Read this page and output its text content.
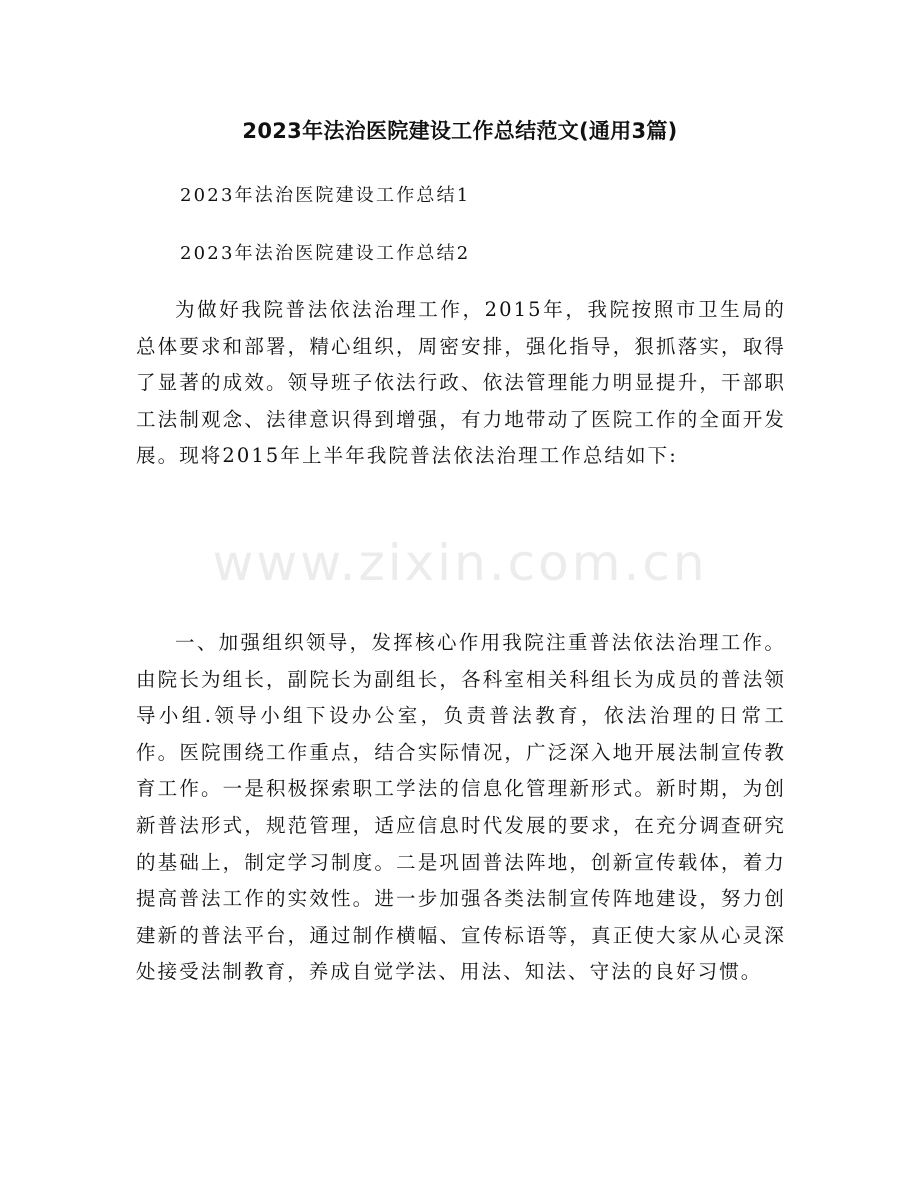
2023年法治医院建设工作总结范文(通用3篇)

2023年法治医院建设工作总结1

2023年法治医院建设工作总结2

为做好我院普法依法治理工作，2015年，我院按照市卫生局的总体要求和部署，精心组织，周密安排，强化指导，狠抓落实，取得了显著的成效。领导班子依法行政、依法管理能力明显提升，干部职工法制观念、法律意识得到增强，有力地带动了医院工作的全面开发展。现将2015年上半年我院普法依法治理工作总结如下:

一、加强组织领导，发挥核心作用我院注重普法依法治理工作。由院长为组长，副院长为副组长，各科室相关科组长为成员的普法领导小组.领导小组下设办公室，负责普法教育，依法治理的日常工作。医院围绕工作重点，结合实际情况，广泛深入地开展法制宣传教育工作。一是积极探索职工学法的信息化管理新形式。新时期，为创新普法形式，规范管理，适应信息时代发展的要求，在充分调查研究的基础上，制定学习制度。二是巩固普法阵地，创新宣传载体，着力提高普法工作的实效性。进一步加强各类法制宣传阵地建设，努力创建新的普法平台，通过制作横幅、宣传标语等，真正使大家从心灵深处接受法制教育，养成自觉学法、用法、知法、守法的良好习惯。

www.zixin.com.cn
